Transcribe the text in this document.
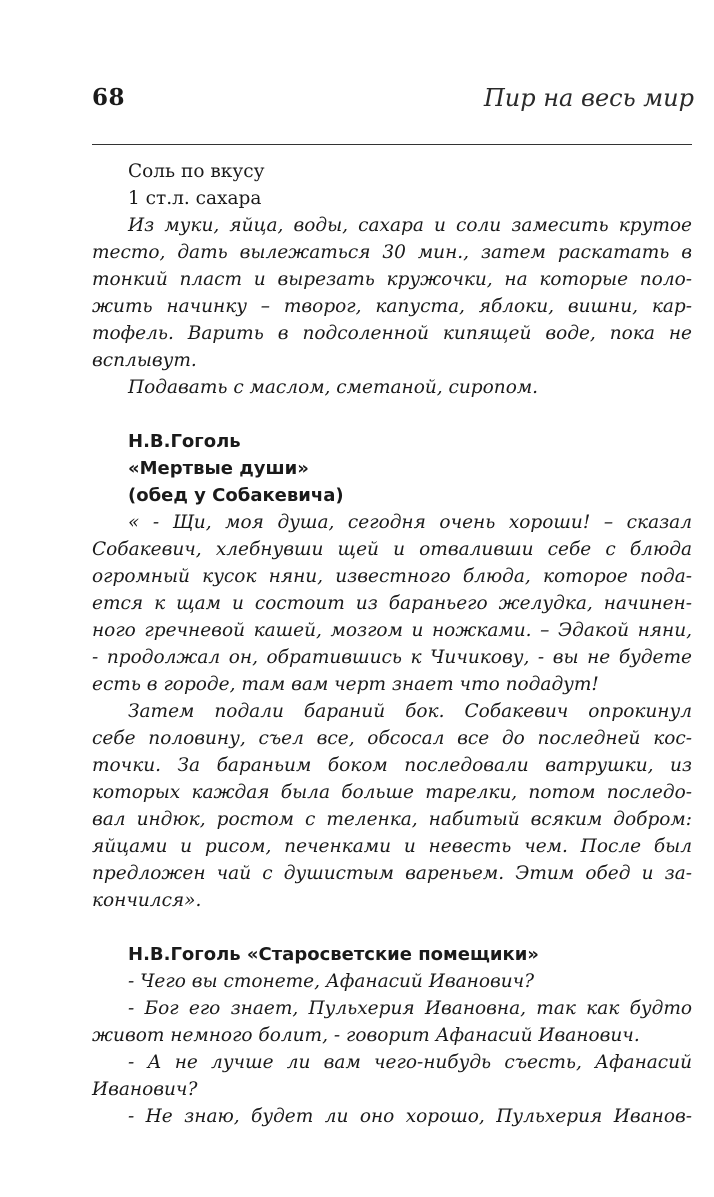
68	Пир на весь мир

Соль по вкусу

1 ст.л. сахара

Из муки, яйца, воды, сахара и соли замесить крутое

тесто, дать вылежаться 30 мин., затем раскатать в

тонкий пласт и вырезать кружочки, на которые поло-

жить начинку – творог, капуста, яблоки, вишни, кар-

тофель. Варить в подсоленной кипящей воде, пока не

всплывут.

Подавать с маслом, сметаной, сиропом.

Н.В.Гоголь

«Мертвые души»

(обед у Собакевича)

« - Щи, моя душа, сегодня очень хороши! – сказал

Собакевич, хлебнувши щей и отваливши себе с блюда

огромный кусок няни, известного блюда, которое пода-

ется к щам и состоит из бараньего желудка, начинен-

ного гречневой кашей, мозгом и ножками. – Эдакой няни,

- продолжал он, обратившись к Чичикову, - вы не будете

есть в городе, там вам черт знает что подадут!

Затем подали бараний бок. Собакевич опрокинул

себе половину, съел все, обсосал все до последней кос-

точки. За бараньим боком последовали ватрушки, из

которых каждая была больше тарелки, потом последо-

вал индюк, ростом с теленка, набитый всяким добром:

яйцами и рисом, печенками и невесть чем. После был

предложен чай с душистым вареньем. Этим обед и за-

кончился».

Н.В.Гоголь «Старосветские помещики»

- Чего вы стонете, Афанасий Иванович?

- Бог его знает, Пульхерия Ивановна, так как будто

живот немного болит, - говорит Афанасий Иванович.

- А не лучше ли вам чего-нибудь съесть, Афанасий

Иванович?

- Не знаю, будет ли оно хорошо, Пульхерия Иванов-
